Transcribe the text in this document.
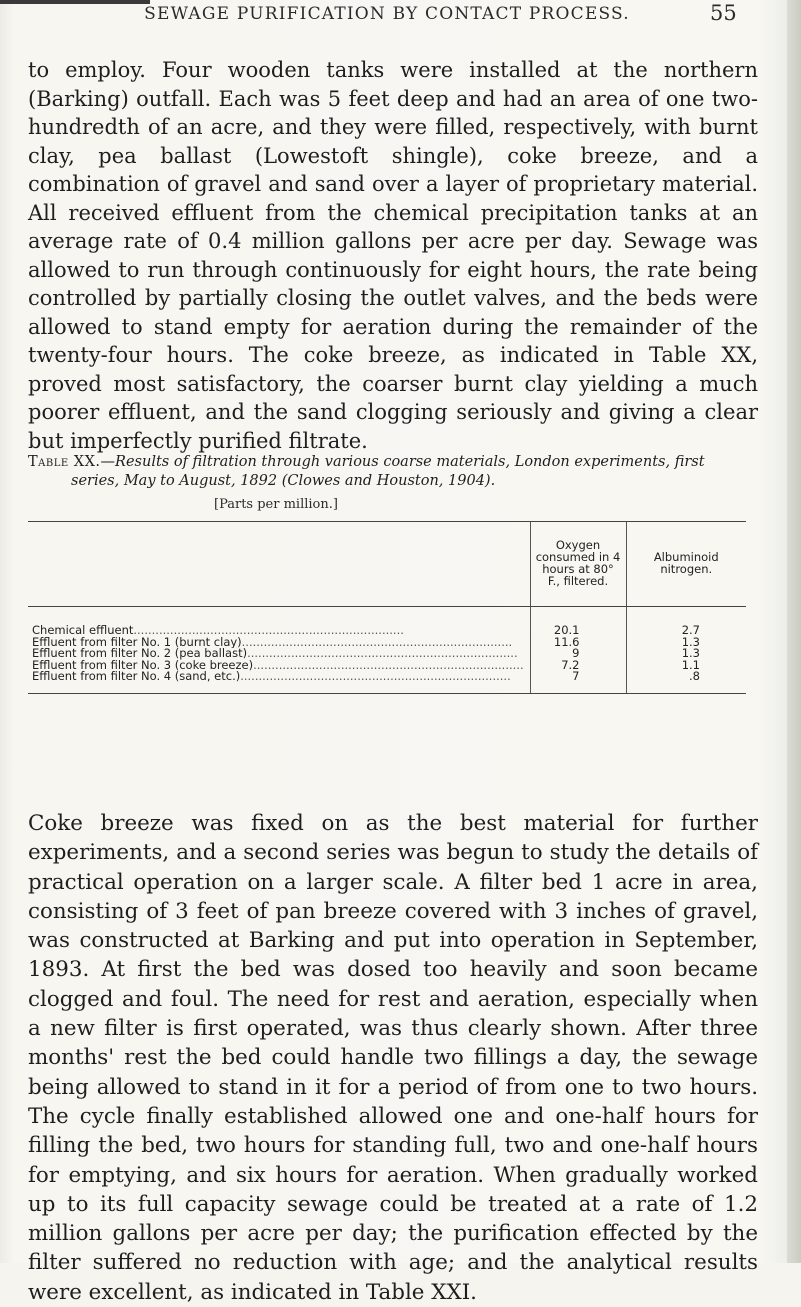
SEWAGE PURIFICATION BY CONTACT PROCESS.	55

to employ. Four wooden tanks were installed at the northern (Barking) outfall. Each was 5 feet deep and had an area of one two-hundredth of an acre, and they were filled, respectively, with burnt clay, pea ballast (Lowestoft shingle), coke breeze, and a combination of gravel and sand over a layer of proprietary material. All received effluent from the chemical precipitation tanks at an average rate of 0.4 million gallons per acre per day. Sewage was allowed to run through continuously for eight hours, the rate being controlled by partially closing the outlet valves, and the beds were allowed to stand empty for aeration during the remainder of the twenty-four hours. The coke breeze, as indicated in Table XX, proved most satisfactory, the coarser burnt clay yielding a much poorer effluent, and the sand clogging seriously and giving a clear but imperfectly purified filtrate.

Table XX.—Results of filtration through various coarse materials, London experiments, first
series, May to August, 1892 (Clowes and Houston, 1904).
[Parts per million.]
	Oxygen consumed in 4 hours at 80° F., filtered.	Albuminoid nitrogen.
Chemical effluent..........................................................................	20.1	2.7
Effluent from filter No. 1 (burnt clay)..........................................................................	11.6	1.3
Effluent from filter No. 2 (pea ballast)..........................................................................	9	1.3
Effluent from filter No. 3 (coke breeze)..........................................................................	7.2	1.1
Effluent from filter No. 4 (sand, etc.)..........................................................................	7	.8

Coke breeze was fixed on as the best material for further experiments, and a second series was begun to study the details of practical operation on a larger scale. A filter bed 1 acre in area, consisting of 3 feet of pan breeze covered with 3 inches of gravel, was constructed at Barking and put into operation in September, 1893. At first the bed was dosed too heavily and soon became clogged and foul. The need for rest and aeration, especially when a new filter is first operated, was thus clearly shown. After three months' rest the bed could handle two fillings a day, the sewage being allowed to stand in it for a period of from one to two hours. The cycle finally established allowed one and one-half hours for filling the bed, two hours for standing full, two and one-half hours for emptying, and six hours for aeration. When gradually worked up to its full capacity sewage could be treated at a rate of 1.2 million gallons per acre per day; the purification effected by the filter suffered no reduction with age; and the analytical results were excellent, as indicated in Table XXI.
